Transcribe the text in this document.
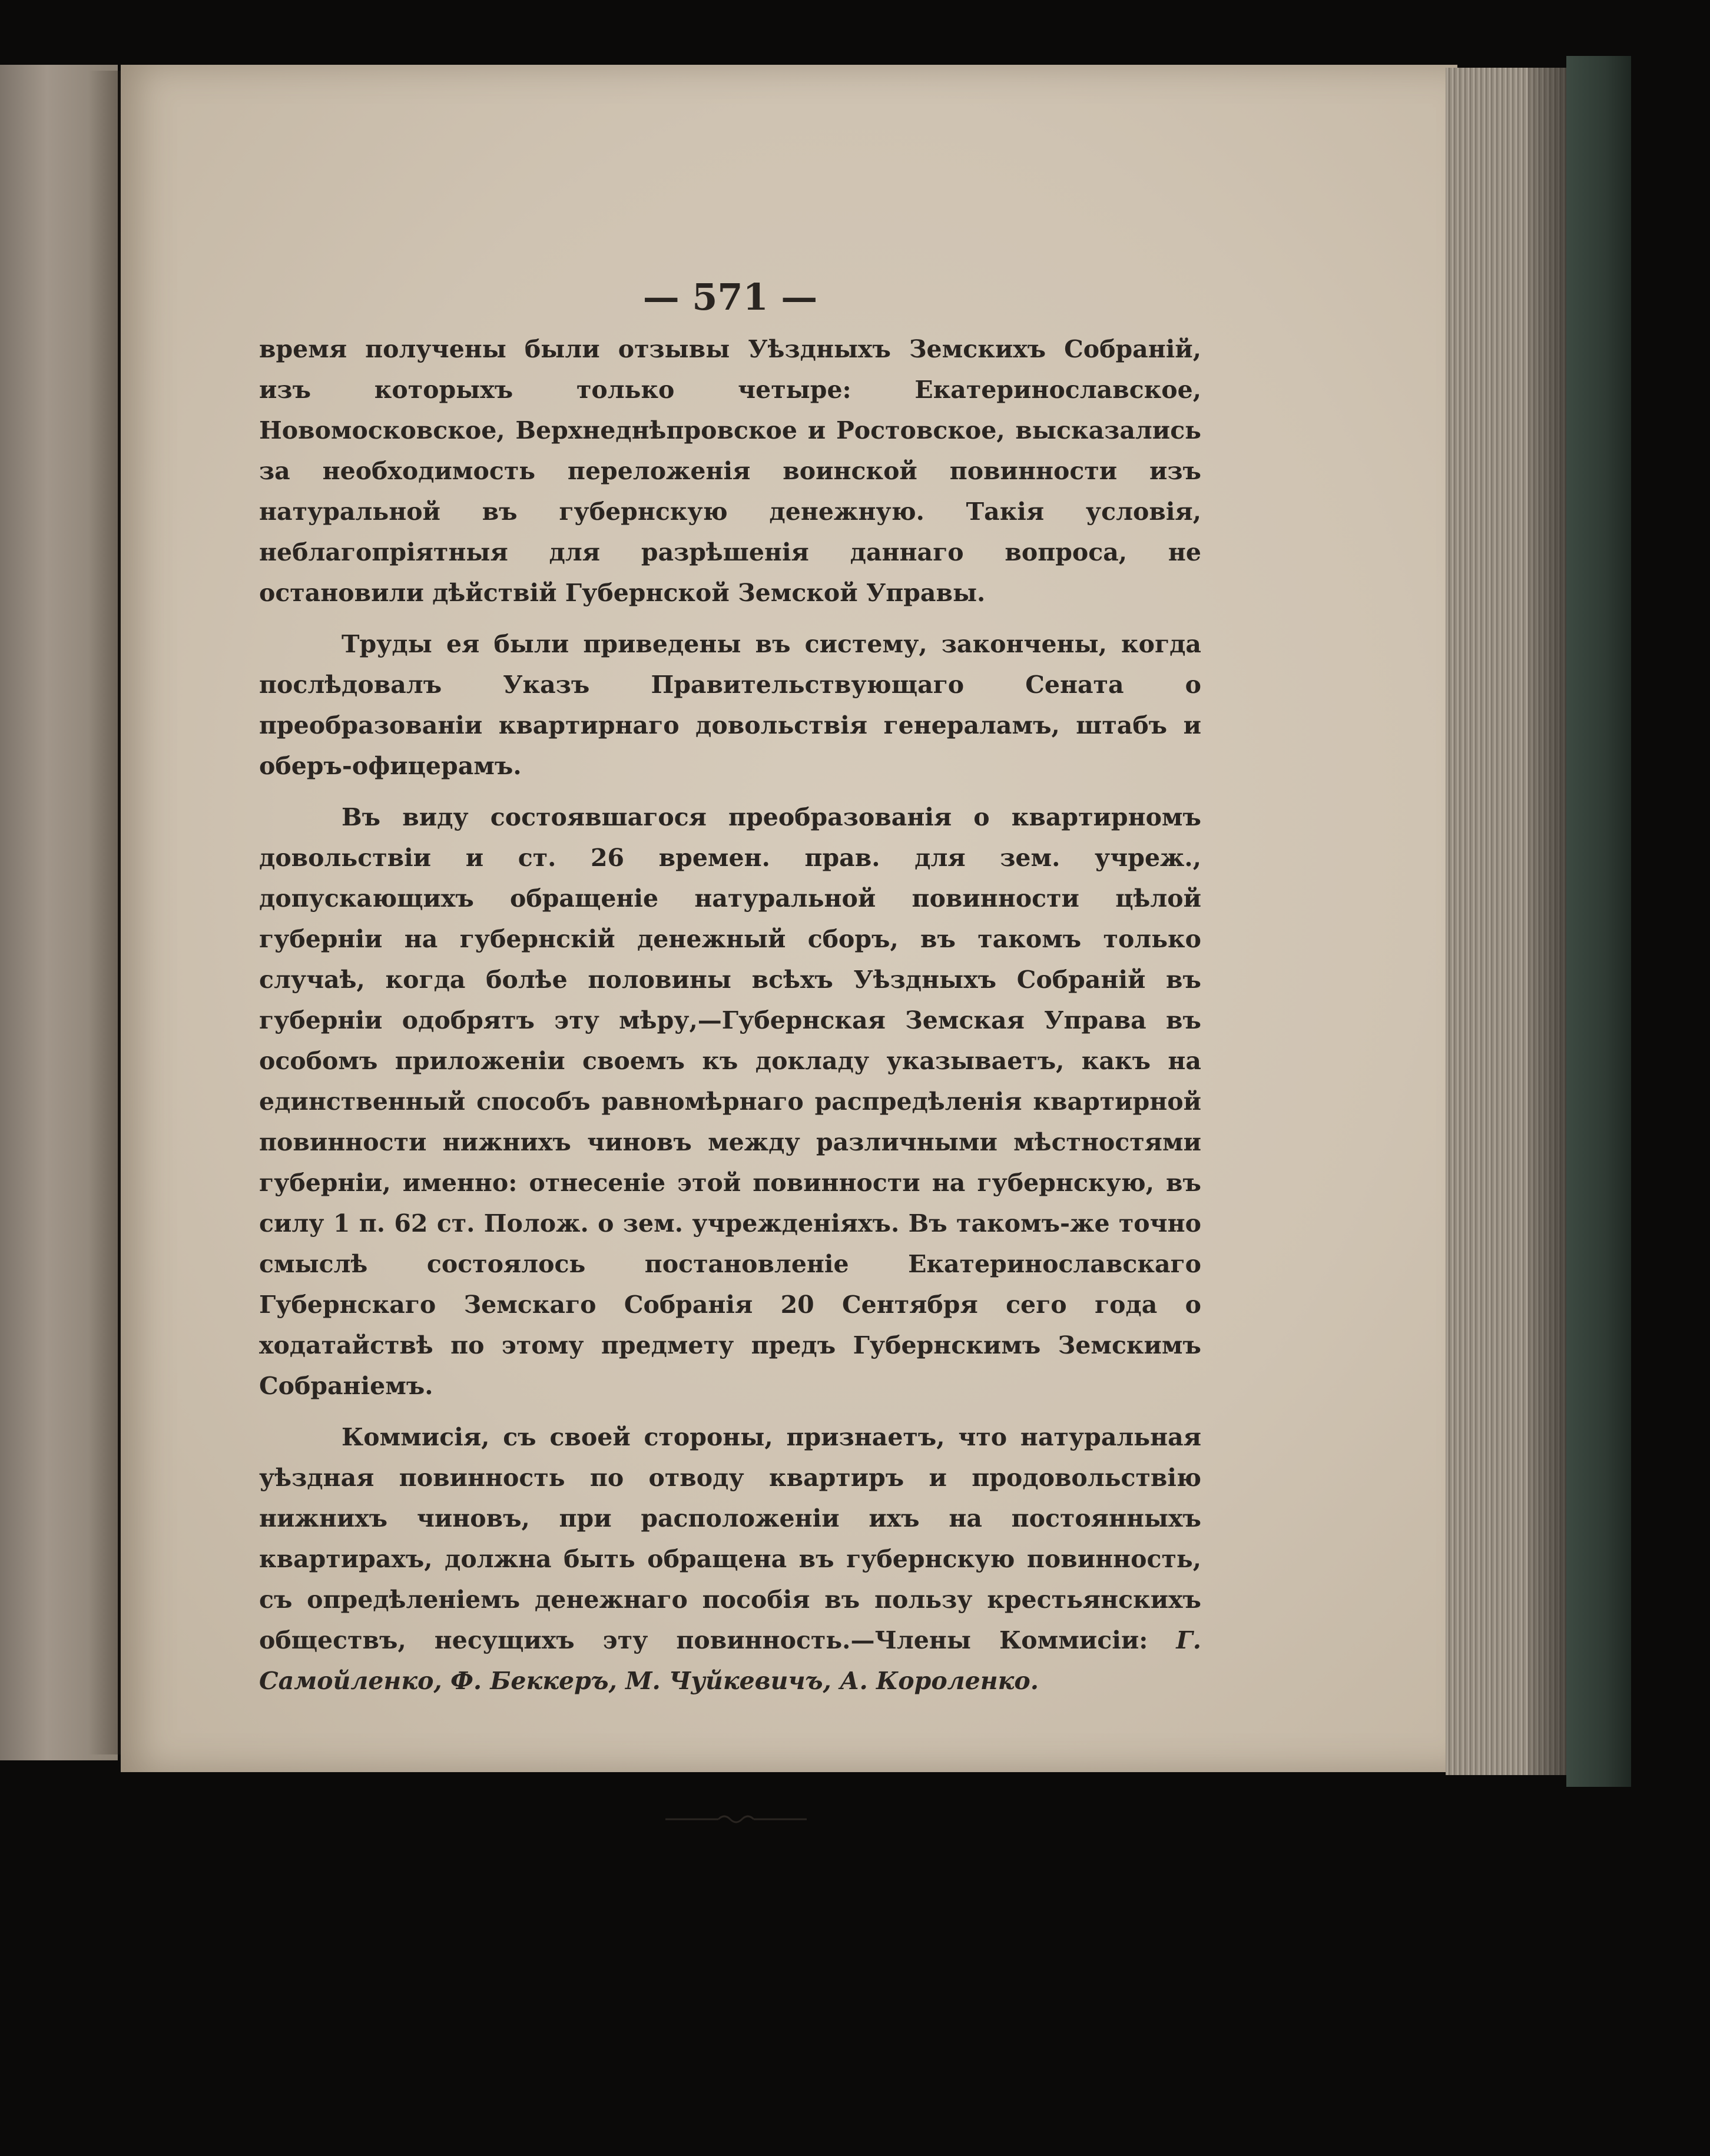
— 571 —

время получены были отзывы Уѣздныхъ Земскихъ Собраній, изъ которыхъ только четыре: Екатеринославское, Новомосковское, Верхнеднѣпровское и Ростовское, высказались за необходимость переложенія воинской повинности изъ натуральной въ губернскую денежную. Такія условія, неблагопріятныя для разрѣшенія даннаго вопроса, не остановили дѣйствій Губернской Земской Управы.

Труды ея были приведены въ систему, закончены, когда послѣдовалъ Указъ Правительствующаго Сената о преобразованіи квартирнаго довольствія генераламъ, штабъ и оберъ-офицерамъ.

Въ виду состоявшагося преобразованія о квартирномъ довольствіи и ст. 26 времен. прав. для зем. учреж., допускающихъ обращеніе натуральной повинности цѣлой губерніи на губернскій денежный сборъ, въ такомъ только случаѣ, когда болѣе половины всѣхъ Уѣздныхъ Собраній въ губерніи одобрятъ эту мѣру,—Губернская Земская Управа въ особомъ приложеніи своемъ къ докладу указываетъ, какъ на единственный способъ равномѣрнаго распредѣленія квартирной повинности нижнихъ чиновъ между различными мѣстностями губерніи, именно: отнесеніе этой повинности на губернскую, въ силу 1 п. 62 ст. Полож. о зем. учрежденіяхъ. Въ такомъ-же точно смыслѣ состоялось постановленіе Екатеринославскаго Губернскаго Земскаго Собранія 20 Сентября сего года о ходатайствѣ по этому предмету предъ Губернскимъ Земскимъ Собраніемъ.

Коммисія, съ своей стороны, признаетъ, что натуральная уѣздная повинность по отводу квартиръ и продовольствію нижнихъ чиновъ, при расположеніи ихъ на постоянныхъ квартирахъ, должна быть обращена въ губернскую повинность, съ опредѣленіемъ денежнаго пособія въ пользу крестьянскихъ обществъ, несущихъ эту повинность.—Члены Коммисіи: Г. Самойленко, Ф. Беккеръ, М. Чуйкевичъ, А. Короленко.
